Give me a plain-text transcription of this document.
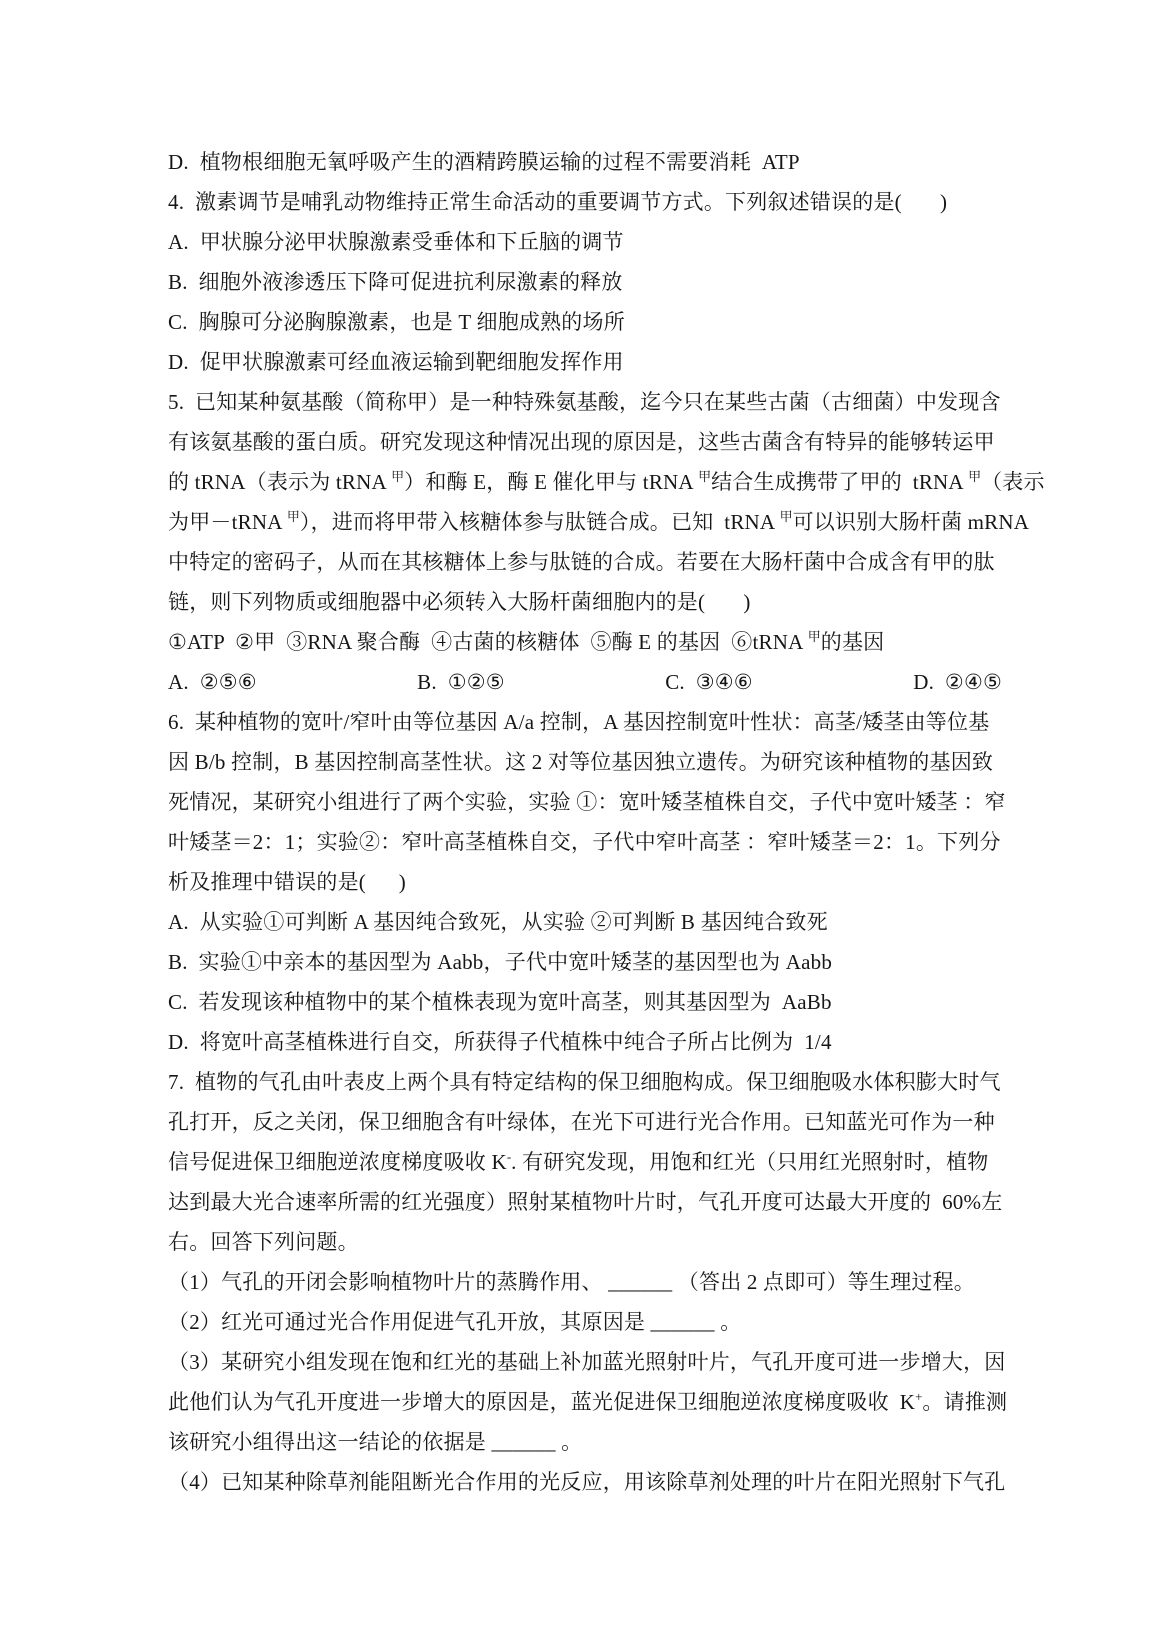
D.  植物根细胞无氧呼吸产生的酒精跨膜运输的过程不需要消耗  ATP
4.  激素调节是哺乳动物维持正常生命活动的重要调节方式。下列叙述错误的是(       )
A.  甲状腺分泌甲状腺激素受垂体和下丘脑的调节
B.  细胞外液渗透压下降可促进抗利尿激素的释放
C.  胸腺可分泌胸腺激素，也是 T 细胞成熟的场所
D.  促甲状腺激素可经血液运输到靶细胞发挥作用
5.  已知某种氨基酸（简称甲）是一种特殊氨基酸，迄今只在某些古菌（古细菌）中发现含
有该氨基酸的蛋白质。研究发现这种情况出现的原因是，这些古菌含有特异的能够转运甲
的 tRNA（表示为 tRNA $^甲$）和酶 E，酶 E 催化甲与 tRNA $^甲$结合生成携带了甲的  tRNA $^甲$（表示
为甲－tRNA $^甲$），进而将甲带入核糖体参与肽链合成。已知  tRNA $^甲$可以识别大肠杆菌 mRNA
中特定的密码子，从而在其核糖体上参与肽链的合成。若要在大肠杆菌中合成含有甲的肽
链，则下列物质或细胞器中必须转入大肠杆菌细胞内的是(       )
①ATP  ②甲  ③RNA 聚合酶  ④古菌的核糖体  ⑤酶 E 的基因  ⑥tRNA $^甲$的基因
A.  ②⑤⑥	B.  ①②⑤	C.  ③④⑥	D.  ②④⑤
6.  某种植物的宽叶/窄叶由等位基因 A/a 控制，A 基因控制宽叶性状：高茎/矮茎由等位基
因 B/b 控制，B 基因控制高茎性状。这 2 对等位基因独立遗传。为研究该种植物的基因致
死情况，某研究小组进行了两个实验，实验 ①：宽叶矮茎植株自交，子代中宽叶矮茎 ：窄
叶矮茎＝2：1；实验②：窄叶高茎植株自交，子代中窄叶高茎 ：窄叶矮茎＝2：1。下列分
析及推理中错误的是(      )
A.  从实验①可判断 A 基因纯合致死，从实验 ②可判断 B 基因纯合致死
B.  实验①中亲本的基因型为 Aabb，子代中宽叶矮茎的基因型也为 Aabb
C.  若发现该种植物中的某个植株表现为宽叶高茎，则其基因型为  AaBb
D.  将宽叶高茎植株进行自交，所获得子代植株中纯合子所占比例为  1/4
7.  植物的气孔由叶表皮上两个具有特定结构的保卫细胞构成。保卫细胞吸水体积膨大时气
孔打开，反之关闭，保卫细胞含有叶绿体，在光下可进行光合作用。已知蓝光可作为一种
信号促进保卫细胞逆浓度梯度吸收 K-. 有研究发现，用饱和红光（只用红光照射时，植物
达到最大光合速率所需的红光强度）照射某植物叶片时，气孔开度可达最大开度的  60%左
右。回答下列问题。
（1）气孔的开闭会影响植物叶片的蒸腾作用、 ______ （答出 2 点即可）等生理过程。
（2）红光可通过光合作用促进气孔开放，其原因是 ______ 。
（3）某研究小组发现在饱和红光的基础上补加蓝光照射叶片，气孔开度可进一步增大，因
此他们认为气孔开度进一步增大的原因是，蓝光促进保卫细胞逆浓度梯度吸收  K+。请推测
该研究小组得出这一结论的依据是 ______ 。
（4）已知某种除草剂能阻断光合作用的光反应，用该除草剂处理的叶片在阳光照射下气孔
